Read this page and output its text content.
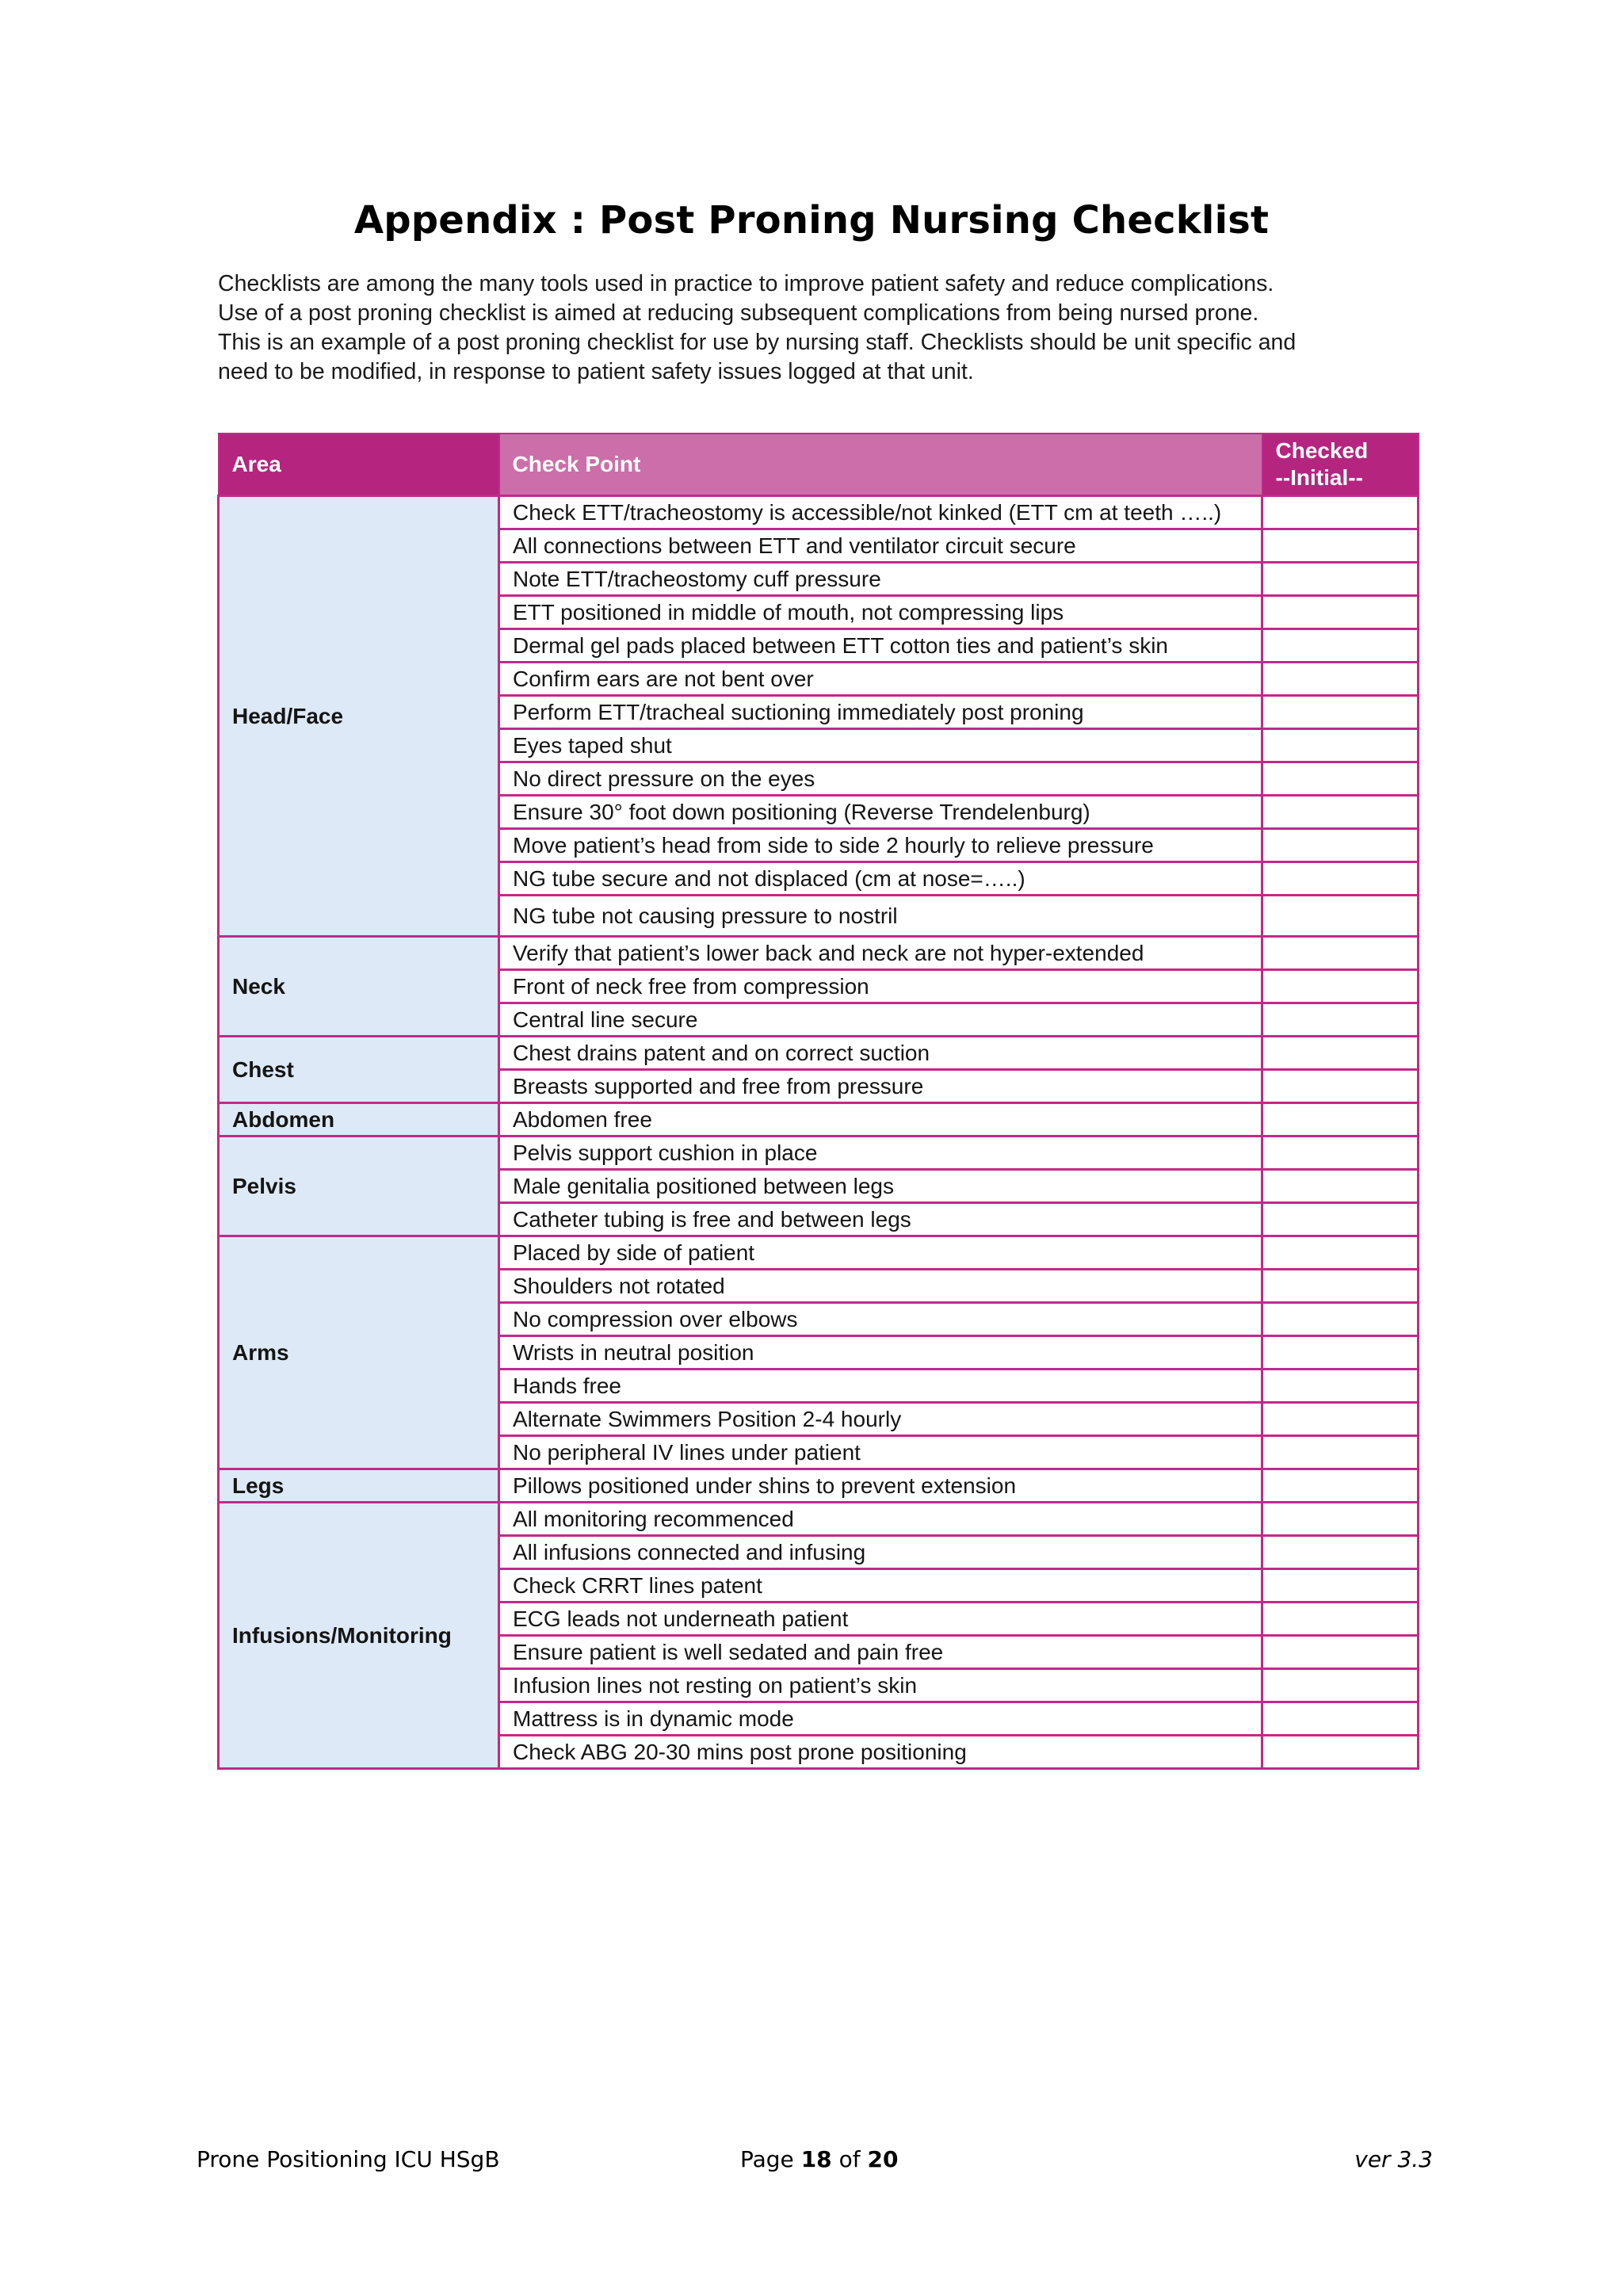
Appendix : Post Proning Nursing Checklist
Checklists are among the many tools used in practice to improve patient safety and reduce complications.
Use of a post proning checklist is aimed at reducing subsequent complications from being nursed prone.
This is an example of a post proning checklist for use by nursing staff. Checklists should be unit specific and
need to be modified, in response to patient safety issues logged at that unit.
Area	Check Point	Checked
--Initial--

Head/Face	Check ETT/tracheostomy is accessible/not kinked (ETT cm at teeth …..)	
	All connections between ETT and ventilator circuit secure	
	Note ETT/tracheostomy cuff pressure	
	ETT positioned in middle of mouth, not compressing lips	
	Dermal gel pads placed between ETT cotton ties and patient’s skin	
	Confirm ears are not bent over	
	Perform ETT/tracheal suctioning immediately post proning	
	Eyes taped shut	
	No direct pressure on the eyes	
	Ensure 30° foot down positioning (Reverse Trendelenburg)	
	Move patient’s head from side to side 2 hourly to relieve pressure	
	NG tube secure and not displaced (cm at nose=…..)	
	NG tube not causing pressure to nostril	
Neck	Verify that patient’s lower back and neck are not hyper-extended	
	Front of neck free from compression	
	Central line secure	
Chest	Chest drains patent and on correct suction	
	Breasts supported and free from pressure	
Abdomen	Abdomen free	
Pelvis	Pelvis support cushion in place	
	Male genitalia positioned between legs	
	Catheter tubing is free and between legs	
Arms	Placed by side of patient	
	Shoulders not rotated	
	No compression over elbows	
	Wrists in neutral position	
	Hands free	
	Alternate Swimmers Position 2-4 hourly	
	No peripheral IV lines under patient	
Legs	Pillows positioned under shins to prevent extension	
Infusions/Monitoring	All monitoring recommenced	
	All infusions connected and infusing	
	Check CRRT lines patent	
	ECG leads not underneath patient	
	Ensure patient is well sedated and pain free	
	Infusion lines not resting on patient’s skin	
	Mattress is in dynamic mode	
	Check ABG 20-30 mins post prone positioning	
Prone Positioning ICU HSgB	Page 18 of 20	ver 3.3
